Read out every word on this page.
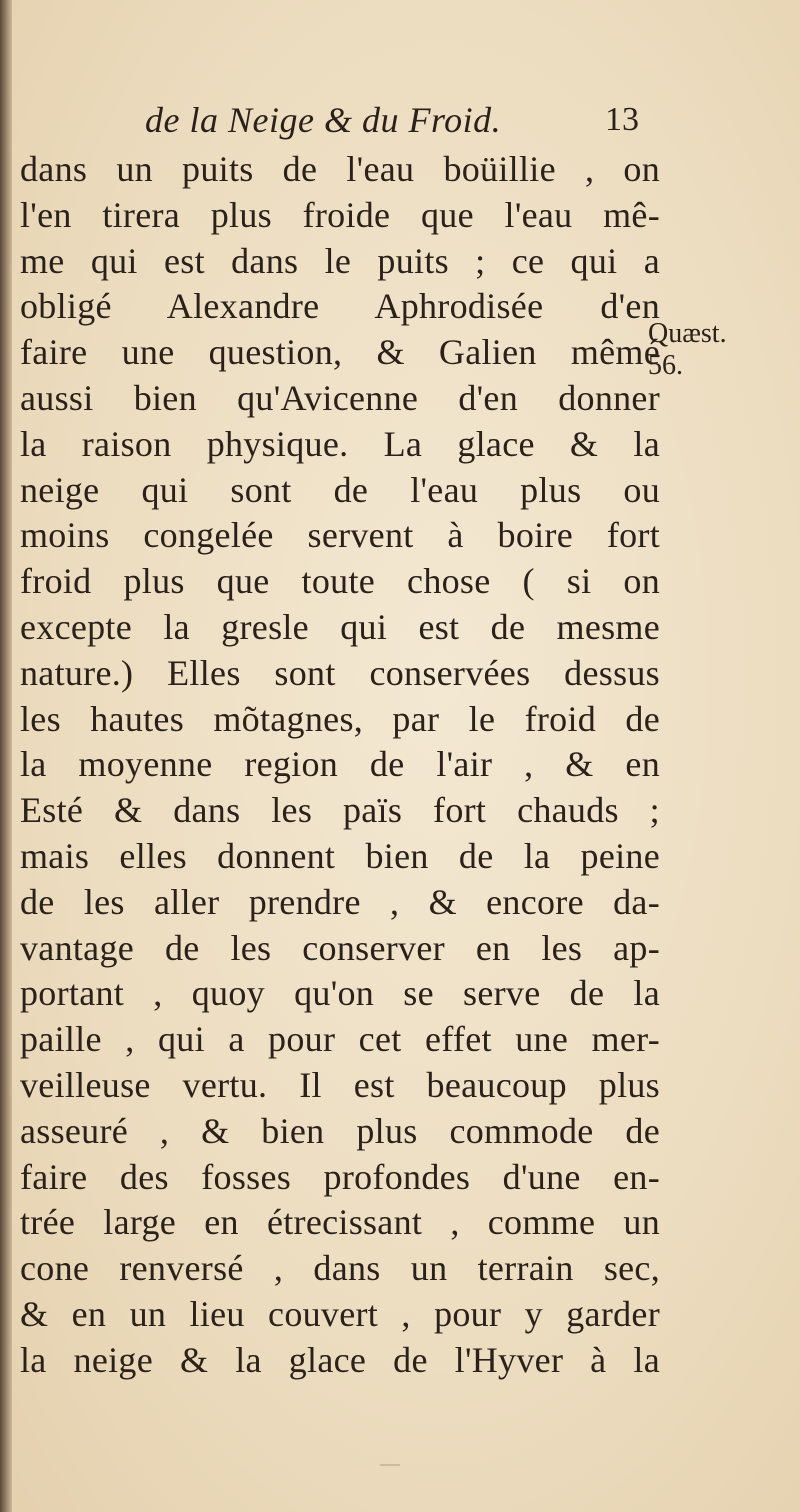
de la Neige & du Froid.	13
Quæst.
56.
dans un puits de l'eau boüillie , on
l'en tirera plus froide que l'eau mê-
me qui est dans le puits ; ce qui a
obligé Alexandre Aphrodisée d'en
faire une question, & Galien mêmé
aussi bien qu'Avicenne d'en donner
la raison physique. La glace & la
neige qui sont de l'eau plus ou
moins congelée servent à boire fort
froid plus que toute chose ( si on
excepte la gresle qui est de mesme
nature.) Elles sont conservées dessus
les hautes mõtagnes, par le froid de
la moyenne region de l'air , & en
Esté & dans les païs fort chauds ;
mais elles donnent bien de la peine
de les aller prendre , & encore da-
vantage de les conserver en les ap-
portant , quoy qu'on se serve de la
paille , qui a pour cet effet une mer-
veilleuse vertu. Il est beaucoup plus
asseuré , & bien plus commode de
faire des fosses profondes d'une en-
trée large en étrecissant , comme un
cone renversé , dans un terrain sec,
& en un lieu couvert , pour y garder
la neige & la glace de l'Hyver à la
